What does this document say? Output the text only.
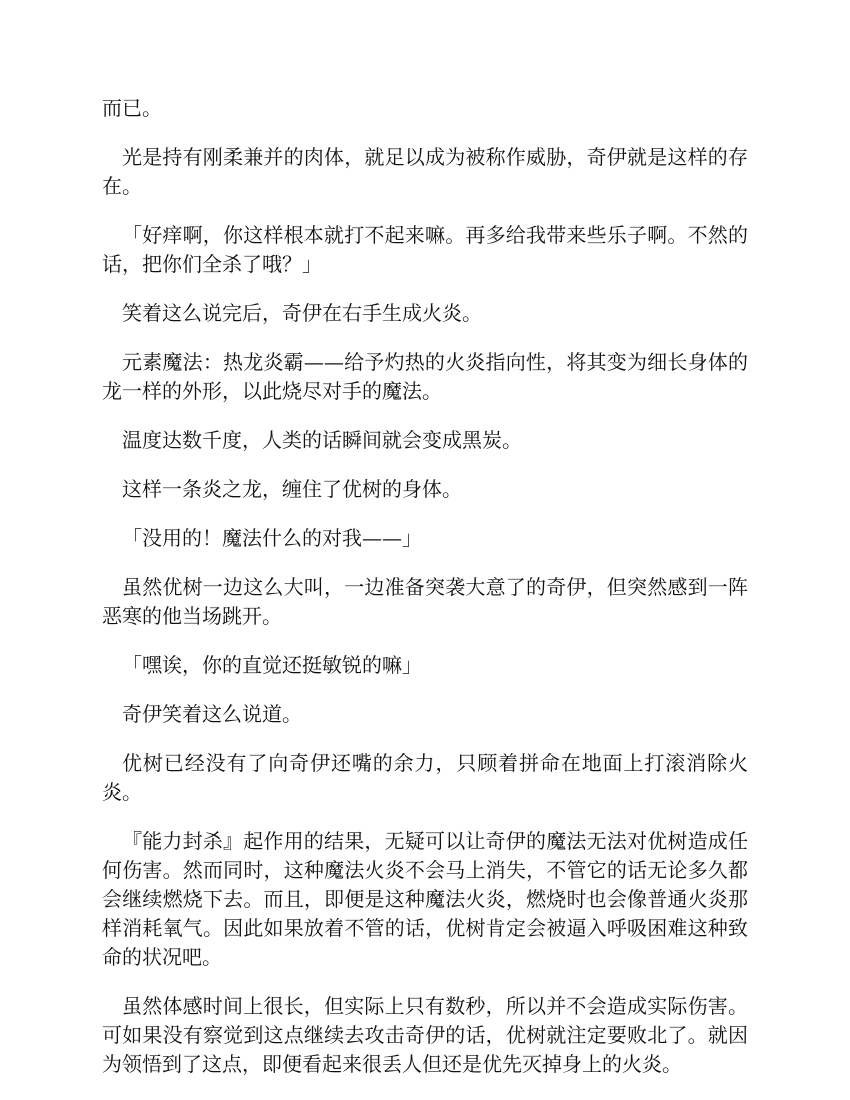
而已。

光是持有刚柔兼并的肉体，就足以成为被称作威胁，奇伊就是这样的存在。

「好痒啊，你这样根本就打不起来嘛。再多给我带来些乐子啊。不然的话，把你们全杀了哦？」

笑着这么说完后，奇伊在右手生成火炎。

元素魔法：热龙炎霸——给予灼热的火炎指向性，将其变为细长身体的龙一样的外形，以此烧尽对手的魔法。

温度达数千度，人类的话瞬间就会变成黑炭。

这样一条炎之龙，缠住了优树的身体。

「没用的！魔法什么的对我——」

虽然优树一边这么大叫，一边准备突袭大意了的奇伊，但突然感到一阵恶寒的他当场跳开。

「嘿诶，你的直觉还挺敏锐的嘛」

奇伊笑着这么说道。

优树已经没有了向奇伊还嘴的余力，只顾着拼命在地面上打滚消除火炎。

『能力封杀』起作用的结果，无疑可以让奇伊的魔法无法对优树造成任何伤害。然而同时，这种魔法火炎不会马上消失，不管它的话无论多久都会继续燃烧下去。而且，即便是这种魔法火炎，燃烧时也会像普通火炎那样消耗氧气。因此如果放着不管的话，优树肯定会被逼入呼吸困难这种致命的状况吧。

虽然体感时间上很长，但实际上只有数秒，所以并不会造成实际伤害。可如果没有察觉到这点继续去攻击奇伊的话，优树就注定要败北了。就因为领悟到了这点，即便看起来很丢人但还是优先灭掉身上的火炎。
